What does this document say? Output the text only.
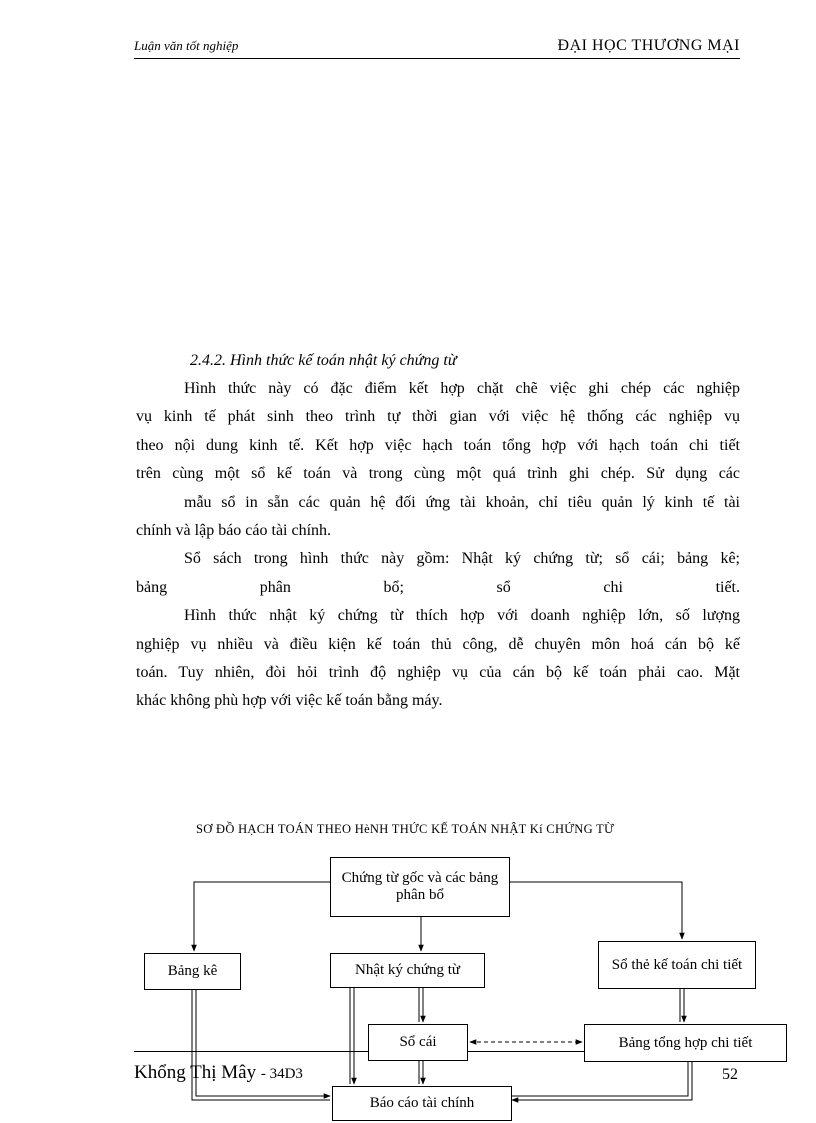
Luận văn tốt nghiệp	ĐẠI HỌC THƯƠNG MẠI
2.4.2. Hình thức kế toán nhật ký chứng từ
Hình thức này có đặc điểm kết hợp chặt chẽ việc ghi chép các nghiệp
vụ kinh tế phát sinh theo trình tự thời gian với việc hệ thống các nghiệp vụ
theo nội dung kinh tế. Kết hợp việc hạch toán tổng hợp với hạch toán chi tiết
trên cùng một sổ kế toán và trong cùng một quá trình ghi chép. Sử dụng các
mẫu sổ in sẵn các quản hệ đối ứng tài khoản, chỉ tiêu quản lý kinh tế tài
chính và lập báo cáo tài chính.
Sổ sách trong hình thức này gồm: Nhật ký chứng từ; sổ cái; bảng kê;
bảng phân bổ; sổ chi tiết.
Hình thức nhật ký chứng từ thích hợp với doanh nghiệp lớn, số lượng
nghiệp vụ nhiều và điều kiện kế toán thủ công, dễ chuyên môn hoá cán bộ kế
toán. Tuy nhiên, đòi hỏi trình độ nghiệp vụ của cán bộ kế toán phải cao. Mặt
khác không phù hợp với việc kế toán bằng máy.
SƠ ĐỒ HẠCH TOÁN THEO HèNH THỨC KẾ TOÁN NHẬT Kí CHỨNG TỪ
Chứng từ gốc và các bảng phân bổ
Bảng kê	Nhật ký chứng từ	Sổ thẻ kế toán chi tiết
Sổ cái	Bảng tổng hợp chi tiết
Báo cáo tài chính
Khổng Thị Mây - 34D3	52
